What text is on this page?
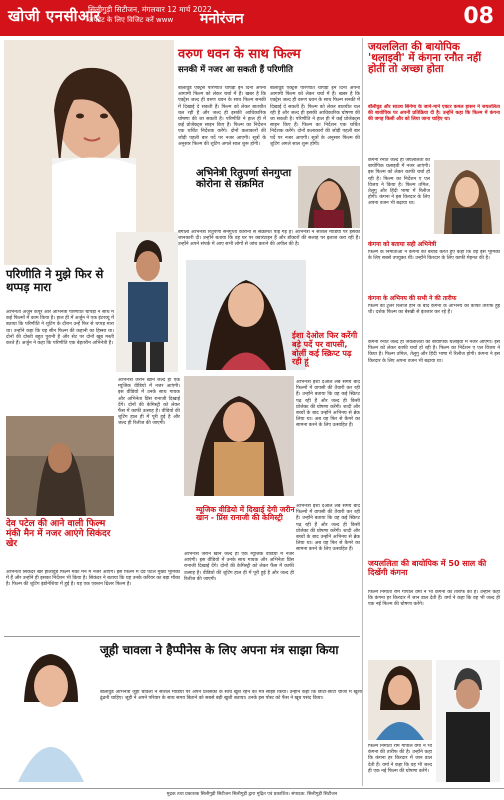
खोजी एनसीआर
सिलीगुड़ी सिटीजन, मंगलवार 12 मार्च 2022
अपडेट के लिए विजिट करें www मनोरंजन	08
वरुण धवन के साथ फिल्म
सनकी में नजर आ सकती हैं परिणीति
बॉलीवुड एक्ट्रेस परिणीति चोपड़ा इन दिनों अपनी आगामी फिल्म को लेकर चर्चा में हैं। खबर है कि एक्ट्रेस जल्द ही वरुण धवन के साथ फिल्म सनकी में दिखाई दे सकती हैं। फिल्म को लेकर बातचीत चल रही है और जल्द ही इसकी आधिकारिक घोषणा की जा सकती है। परिणीति ने हाल ही में कई प्रोजेक्ट्स साइन किए हैं। फिल्म का निर्देशन एक चर्चित निर्देशक करेंगे। दोनों कलाकारों की जोड़ी पहली बार पर्दे पर नजर आएगी। सूत्रों के अनुसार फिल्म की शूटिंग अगले साल शुरू होगी।
बॉलीवुड एक्ट्रेस परिणीति चोपड़ा इन दिनों अपनी आगामी फिल्म को लेकर चर्चा में हैं। खबर है कि एक्ट्रेस जल्द ही वरुण धवन के साथ फिल्म सनकी में दिखाई दे सकती हैं। फिल्म को लेकर बातचीत चल रही है और जल्द ही इसकी आधिकारिक घोषणा की जा सकती है। परिणीति ने हाल ही में कई प्रोजेक्ट्स साइन किए हैं। फिल्म का निर्देशन एक चर्चित निर्देशक करेंगे। दोनों कलाकारों की जोड़ी पहली बार पर्दे पर नजर आएगी। सूत्रों के अनुसार फिल्म की शूटिंग अगले साल शुरू होगी।
अभिनेत्री रितुपर्णा सेनगुप्ता कोरोना से संक्रमित
बंगाली अभिनेत्री रितुपर्णा सेनगुप्ता कोरोना से संक्रमित पाई गई हैं। अभिनेत्री ने सोशल मीडिया पर इसकी जानकारी दी। उन्होंने बताया कि वह घर पर क्वारंटाइन हैं और डॉक्टरों की सलाह पर इलाज करा रही हैं। उन्होंने अपने संपर्क में आए सभी लोगों से जांच कराने की अपील की है।
परिणीति ने मुझे फिर से थप्पड़ मारा
अभिनेता अर्जुन कपूर और अभिनेत्री परिणीति चोपड़ा ने साथ में कई फिल्मों में काम किया है। हाल ही में अर्जुन ने एक इंटरव्यू में बताया कि परिणीति ने शूटिंग के दौरान उन्हें फिर से थप्पड़ मारा था। उन्होंने कहा कि यह सीन फिल्म की कहानी का हिस्सा था। दोनों की दोस्ती बहुत पुरानी है और सेट पर दोनों खूब मस्ती करते हैं। अर्जुन ने कहा कि परिणीति एक बेहतरीन अभिनेत्री हैं।
ईशा देओल फिर करेंगी बड़े पर्दे पर वापसी, बोलीं कई स्क्रिप्ट पढ़ रही हूं
अभिनेत्री ईशा देओल लंबे समय बाद फिल्मों में वापसी की तैयारी कर रही हैं। उन्होंने बताया कि वह कई स्क्रिप्ट पढ़ रही हैं और जल्द ही किसी प्रोजेक्ट की घोषणा करेंगी। शादी और बच्चों के बाद उन्होंने अभिनय से ब्रेक लिया था। अब वह फिर से कैमरे का सामना करने के लिए उत्साहित हैं।
अभिनेत्री जरीन खान जल्द ही एक म्यूजिक वीडियो में नजर आएंगी। इस वीडियो में उनके साथ गायक और अभिनेता प्रिंस रानाजी दिखाई देंगे। दोनों की केमिस्ट्री को लेकर फैंस में काफी उत्साह है। वीडियो की शूटिंग हाल ही में पूरी हुई है और जल्द ही रिलीज की जाएगी।
म्यूजिक वीडियो में दिखाई देगी जरीन खान - प्रिंस रानाजी की केमिस्ट्री
अभिनेत्री जरीन खान जल्द ही एक म्यूजिक वीडियो में नजर आएंगी। इस वीडियो में उनके साथ गायक और अभिनेता प्रिंस रानाजी दिखाई देंगे। दोनों की केमिस्ट्री को लेकर फैंस में काफी उत्साह है। वीडियो की शूटिंग हाल ही में पूरी हुई है और जल्द ही रिलीज की जाएगी।
अभिनेत्री ईशा देओल लंबे समय बाद फिल्मों में वापसी की तैयारी कर रही हैं। उन्होंने बताया कि वह कई स्क्रिप्ट पढ़ रही हैं और जल्द ही किसी प्रोजेक्ट की घोषणा करेंगी। शादी और बच्चों के बाद उन्होंने अभिनय से ब्रेक लिया था। अब वह फिर से कैमरे का सामना करने के लिए उत्साहित हैं।
देव पटेल की आने वाली फिल्म मंकी मैन में नजर आएंगे सिकंदर खेर
अभिनेता सिकंदर खेर हॉलीवुड फिल्म मंकी मैन में नजर आएंगे। इस फिल्म में देव पटेल मुख्य भूमिका में हैं और उन्होंने ही इसका निर्देशन भी किया है। सिकंदर ने बताया कि यह उनके करियर का बड़ा मौका है। फिल्म की शूटिंग इंडोनेशिया में हुई है। यह एक एक्शन थ्रिलर फिल्म है।
जूही चावला ने हैप्पीनेस के लिए अपना मंत्र साझा किया
बॉलीवुड अभिनेत्री जूही चावला ने सोशल मीडिया पर अपने प्रशंसकों के साथ खुश रहने का मंत्र साझा किया। उन्होंने कहा कि छोटी-छोटी चीजों में खुशी ढूंढनी चाहिए। जूही ने अपने परिवार के साथ समय बिताने को सबसे बड़ी खुशी बताया। उनके इस पोस्ट को फैंस ने खूब पसंद किया।
जयललिता की बायोपिक 'थलाइवी' में कंगना रनौत नहीं होतीं तो अच्छा होता
बॉलीवुड और साउथ सिनेमा के जाने-माने एक्टर कमल हासन ने जयललिता की बायोपिक पर अपनी प्रतिक्रिया दी है। उन्होंने कहा कि फिल्म में कंगना की जगह किसी और को लिया जाना चाहिए था।
कंगना रनौत जल्द ही जयललिता की बायोपिक थलाइवी में नजर आएंगी। इस फिल्म को लेकर काफी चर्चा हो रही है। फिल्म का निर्देशन ए एल विजय ने किया है। फिल्म तमिल, तेलुगु और हिंदी भाषा में रिलीज होगी। कंगना ने इस किरदार के लिए अपना वजन भी बढ़ाया था।
कंगना को बताया सही अभिनेत्री
फिल्म के निर्माताओं ने कंगना का बचाव करते हुए कहा कि वह इस भूमिका के लिए सबसे उपयुक्त थीं। उन्होंने किरदार के लिए काफी मेहनत की है।
कंगना के अभिनय की सभी ने की तारीफ
फिल्म का ट्रेलर रिलीज होने के बाद कंगना के अभिनय की काफी तारीफ हुई थी। दर्शक फिल्म का बेसब्री से इंतजार कर रहे हैं।
कंगना रनौत जल्द ही जयललिता की बायोपिक थलाइवी में नजर आएंगी। इस फिल्म को लेकर काफी चर्चा हो रही है। फिल्म का निर्देशन ए एल विजय ने किया है। फिल्म तमिल, तेलुगु और हिंदी भाषा में रिलीज होगी। कंगना ने इस किरदार के लिए अपना वजन भी बढ़ाया था।
जयललिता की बायोपिक में 50 साल की दिखेंगी कंगना
फिल्म निर्माता राम गोपाल वर्मा ने भी कंगना की तारीफ की है। उन्होंने कहा कि कंगना हर किरदार में जान डाल देती हैं। वर्मा ने कहा कि वह भी जल्द ही एक नई फिल्म की घोषणा करेंगे।
फिल्म निर्माता राम गोपाल वर्मा ने भी कंगना की तारीफ की है। उन्होंने कहा कि कंगना हर किरदार में जान डाल देती हैं। वर्मा ने कहा कि वह भी जल्द ही एक नई फिल्म की घोषणा करेंगे।
मुद्रक तथा प्रकाशक सिलीगुड़ी सिटीजन सिलीगुड़ी द्वारा मुद्रित एवं प्रकाशित। संपादक: सिलीगुड़ी सिटीजन
